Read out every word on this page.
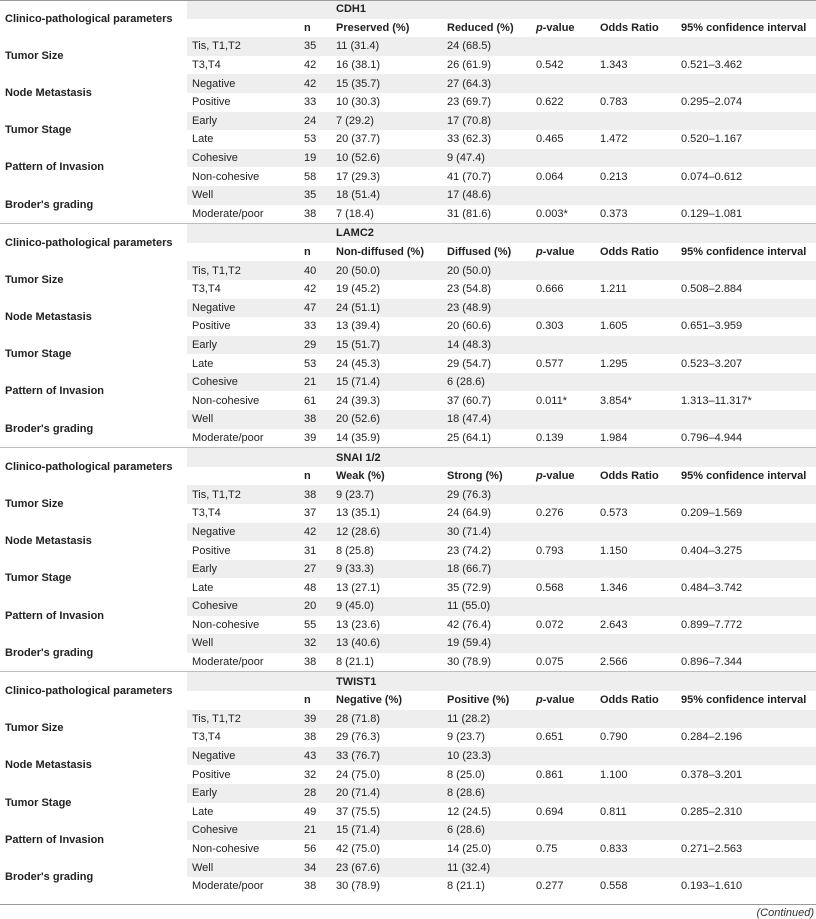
Clinico-pathological parameters	CDH1						
		n	Preserved (%)	Reduced (%)	p-value	Odds Ratio	95% confidence interval
Tumor Size	Tis, T1,T2	35	11 (31.4)	24 (68.5)			
	T3,T4	42	16 (38.1)	26 (61.9)	0.542	1.343	0.521–3.462
Node Metastasis	Negative	42	15 (35.7)	27 (64.3)			
	Positive	33	10 (30.3)	23 (69.7)	0.622	0.783	0.295–2.074
Tumor Stage	Early	24	7 (29.2)	17 (70.8)			
	Late	53	20 (37.7)	33 (62.3)	0.465	1.472	0.520–1.167
Pattern of Invasion	Cohesive	19	10 (52.6)	9 (47.4)			
	Non-cohesive	58	17 (29.3)	41 (70.7)	0.064	0.213	0.074–0.612
Broder's grading	Well	35	18 (51.4)	17 (48.6)			
	Moderate/poor	38	7 (18.4)	31 (81.6)	0.003*	0.373	0.129–1.081
Clinico-pathological parameters	LAMC2						
		n	Non-diffused (%)	Diffused (%)	p-value	Odds Ratio	95% confidence interval
Tumor Size	Tis, T1,T2	40	20 (50.0)	20 (50.0)			
	T3,T4	42	19 (45.2)	23 (54.8)	0.666	1.211	0.508–2.884
Node Metastasis	Negative	47	24 (51.1)	23 (48.9)			
	Positive	33	13 (39.4)	20 (60.6)	0.303	1.605	0.651–3.959
Tumor Stage	Early	29	15 (51.7)	14 (48.3)			
	Late	53	24 (45.3)	29 (54.7)	0.577	1.295	0.523–3.207
Pattern of Invasion	Cohesive	21	15 (71.4)	6 (28.6)			
	Non-cohesive	61	24 (39.3)	37 (60.7)	0.011*	3.854*	1.313–11.317*
Broder's grading	Well	38	20 (52.6)	18 (47.4)			
	Moderate/poor	39	14 (35.9)	25 (64.1)	0.139	1.984	0.796–4.944
Clinico-pathological parameters	SNAI 1/2						
		n	Weak (%)	Strong (%)	p-value	Odds Ratio	95% confidence interval
Tumor Size	Tis, T1,T2	38	9 (23.7)	29 (76.3)			
	T3,T4	37	13 (35.1)	24 (64.9)	0.276	0.573	0.209–1.569
Node Metastasis	Negative	42	12 (28.6)	30 (71.4)			
	Positive	31	8 (25.8)	23 (74.2)	0.793	1.150	0.404–3.275
Tumor Stage	Early	27	9 (33.3)	18 (66.7)			
	Late	48	13 (27.1)	35 (72.9)	0.568	1.346	0.484–3.742
Pattern of Invasion	Cohesive	20	9 (45.0)	11 (55.0)			
	Non-cohesive	55	13 (23.6)	42 (76.4)	0.072	2.643	0.899–7.772
Broder's grading	Well	32	13 (40.6)	19 (59.4)			
	Moderate/poor	38	8 (21.1)	30 (78.9)	0.075	2.566	0.896–7.344
Clinico-pathological parameters	TWIST1						
		n	Negative (%)	Positive (%)	p-value	Odds Ratio	95% confidence interval
Tumor Size	Tis, T1,T2	39	28 (71.8)	11 (28.2)			
	T3,T4	38	29 (76.3)	9 (23.7)	0.651	0.790	0.284–2.196
Node Metastasis	Negative	43	33 (76.7)	10 (23.3)			
	Positive	32	24 (75.0)	8 (25.0)	0.861	1.100	0.378–3.201
Tumor Stage	Early	28	20 (71.4)	8 (28.6)			
	Late	49	37 (75.5)	12 (24.5)	0.694	0.811	0.285–2.310
Pattern of Invasion	Cohesive	21	15 (71.4)	6 (28.6)			
	Non-cohesive	56	42 (75.0)	14 (25.0)	0.75	0.833	0.271–2.563
Broder's grading	Well	34	23 (67.6)	11 (32.4)			
	Moderate/poor	38	30 (78.9)	8 (21.1)	0.277	0.558	0.193–1.610
(Continued)
